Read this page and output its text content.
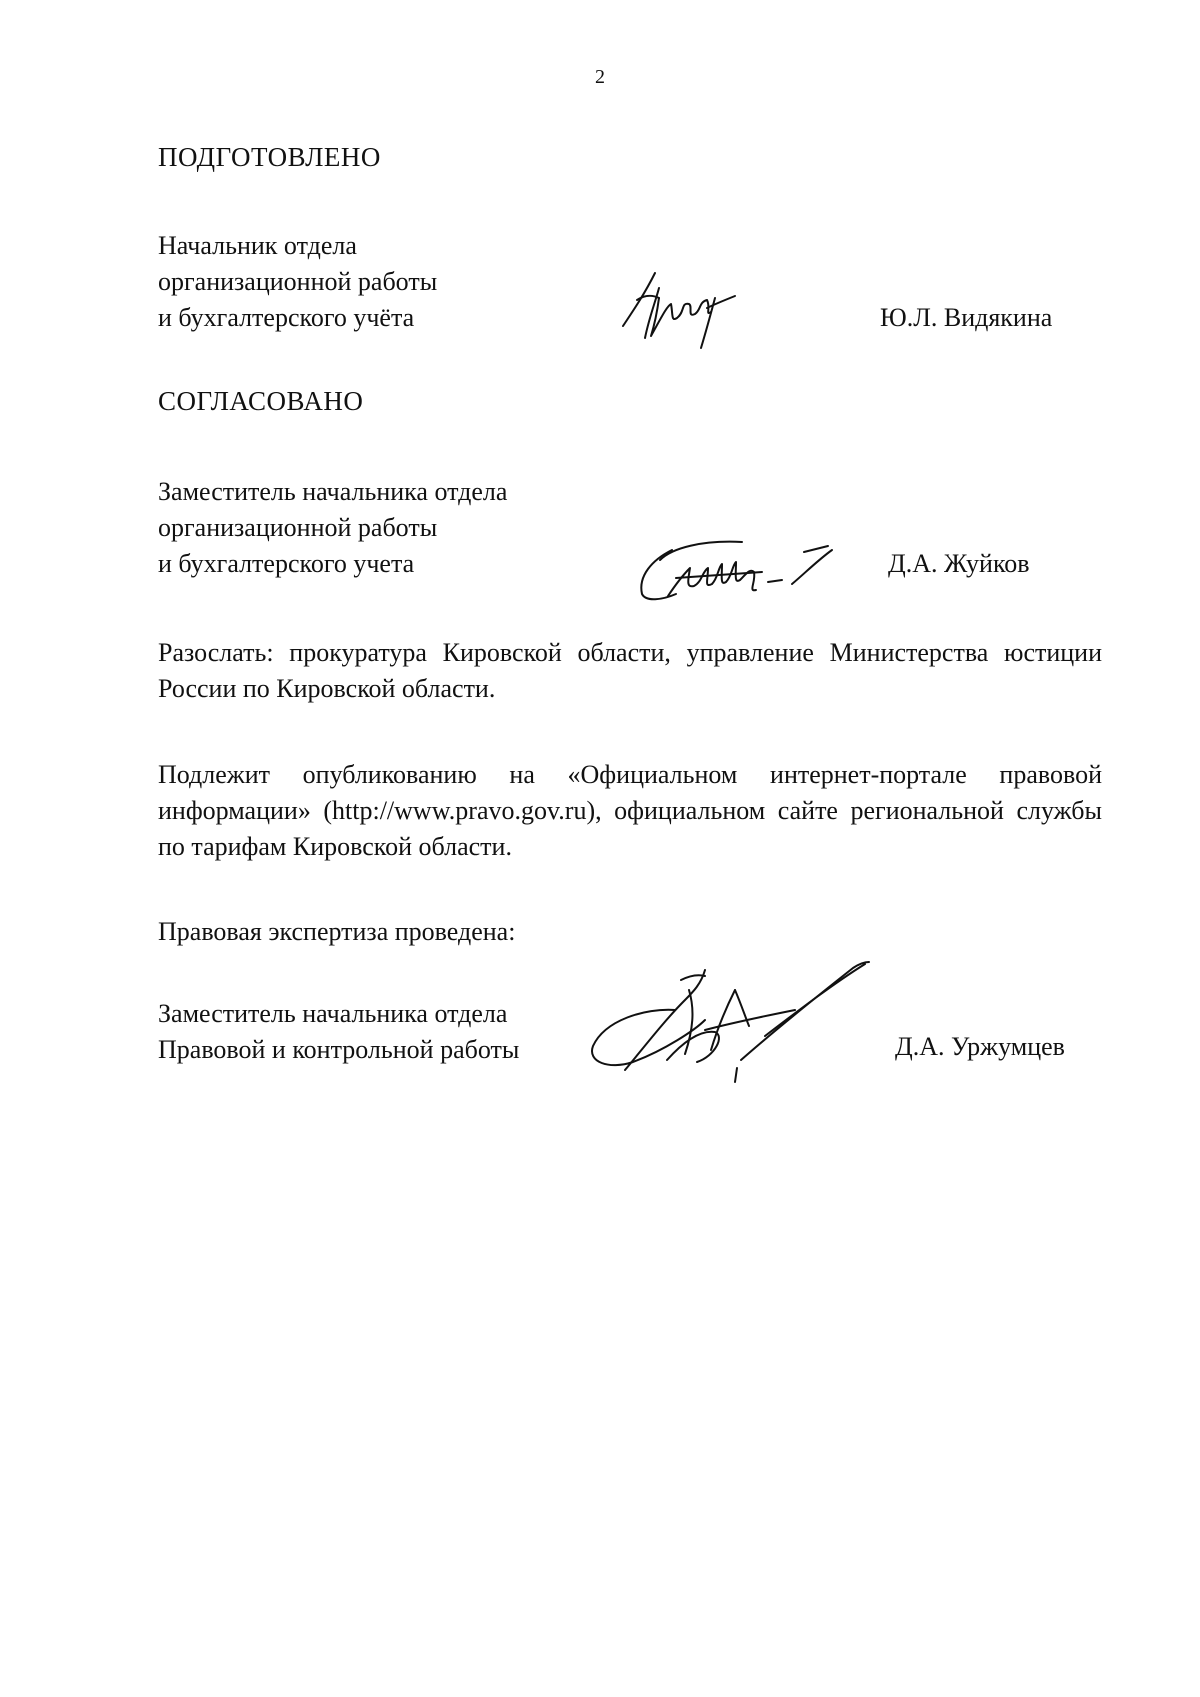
2
ПОДГОТОВЛЕНО
Начальник отдела
организационной работы
и бухгалтерского учёта	Ю.Л. Видякина
СОГЛАСОВАНО
Заместитель начальника отдела
организационной работы
и бухгалтерского учета	Д.А. Жуйков
Разослать: прокуратура Кировской области, управление Министерства юстиции России по Кировской области.
Подлежит опубликованию на «Официальном интернет-портале правовой информации» (http://www.pravo.gov.ru), официальном сайте региональной службы по тарифам Кировской области.
Правовая экспертиза проведена:
Заместитель начальника отдела
Правовой и контрольной работы	Д.А. Уржумцев
